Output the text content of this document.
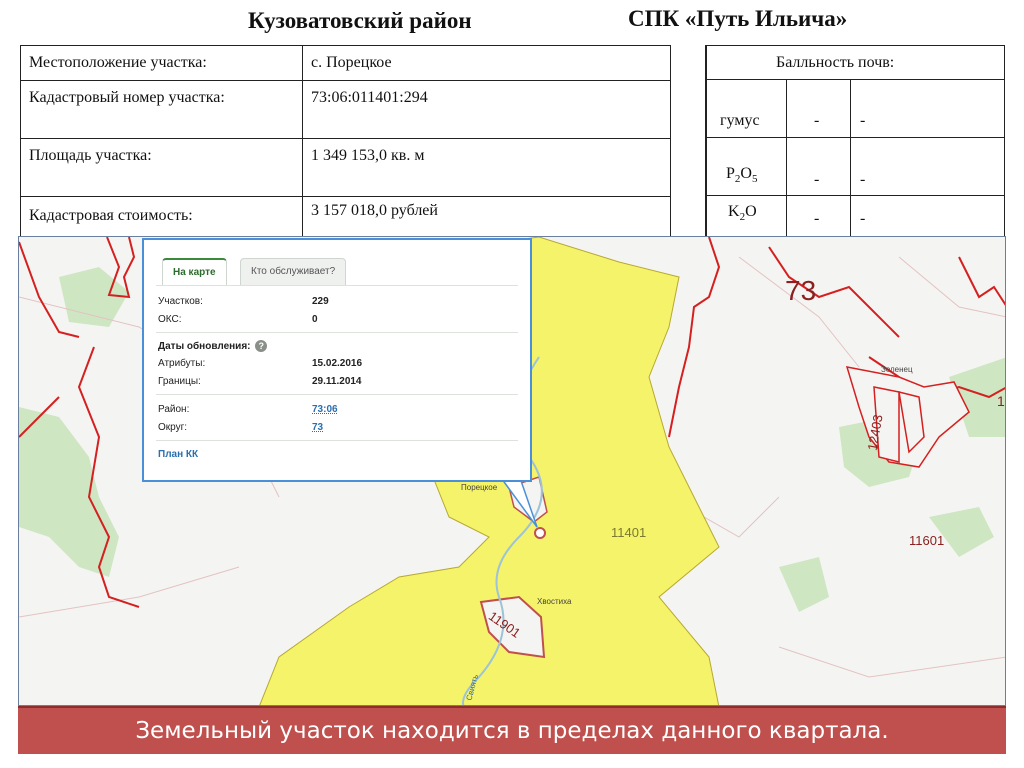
Кузоватовский район	СПК «Путь Ильича»
Местоположение участка:	с. Порецкое
Кадастровый номер участка:	73:06:011401:294
Площадь участка:	1 349 153,0 кв. м
Кадастровая стоимость:	3 157 018,0 рублей
Балльность почв:
гумус	-	-
$P_2O_5$	-	-
$K_2O$	-	-
73
11401
11601
11901
12403
Порецкое
Хвостиха
Зеленец
1
Свиять
На карте	Кто обслуживает?
Участков:	229
ОКС:	0
Даты обновления: ?
Атрибуты:	15.02.2016
Границы:	29.11.2014
Район:	73:06
Округ:	73
План КК
Земельный участок находится в пределах данного квартала.
